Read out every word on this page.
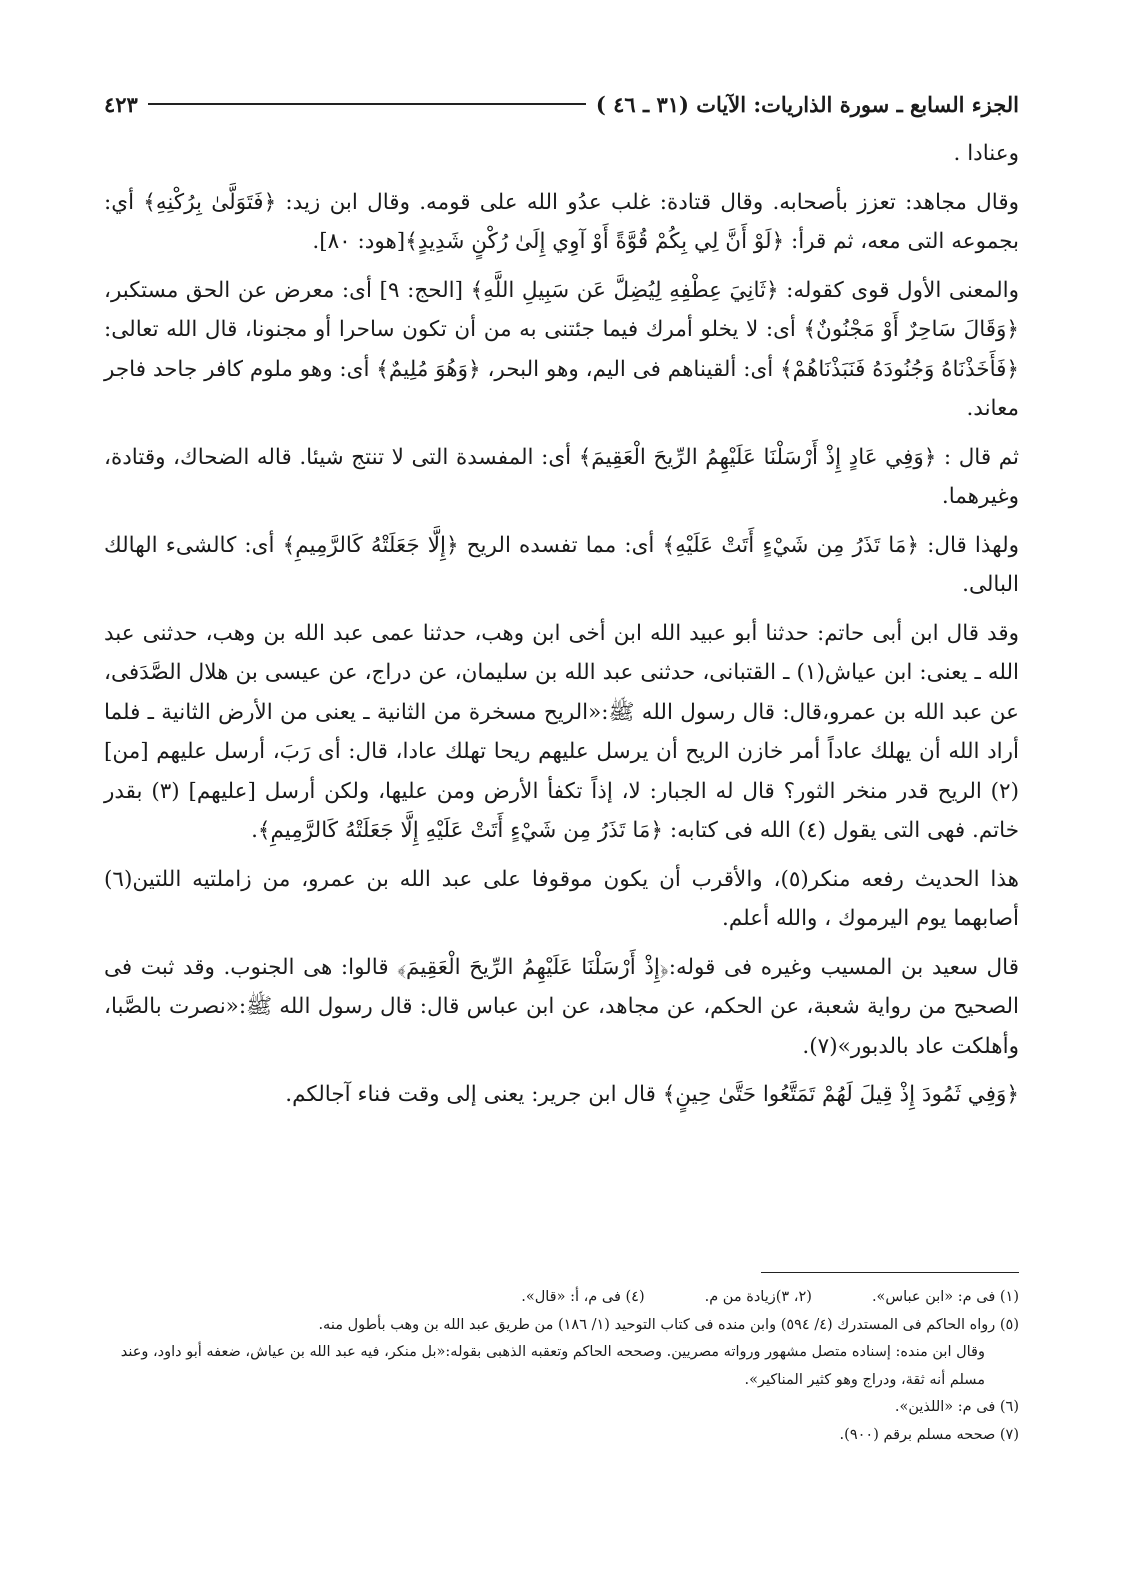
الجزء السابع ـ سورة الذاريات: الآيات (٣١ ـ ٤٦ )
٤٢٣

وعنادا .

وقال مجاهد: تعزز بأصحابه. وقال قتادة: غلب عدُو الله على قومه. وقال ابن زيد: ﴿فَتَوَلَّىٰ بِرُكْنِهِ﴾ أي: بجموعه التى معه، ثم قرأ: ﴿لَوْ أَنَّ لِي بِكُمْ قُوَّةً أَوْ آوِي إِلَىٰ رُكْنٍ شَدِيدٍ﴾[هود: ٨٠].

والمعنى الأول قوى كقوله: ﴿ثَانِيَ عِطْفِهِ لِيُضِلَّ عَن سَبِيلِ اللَّهِ﴾ [الحج: ٩] أى: معرض عن الحق مستكبر، ﴿وَقَالَ سَاحِرٌ أَوْ مَجْنُونٌ﴾ أى: لا يخلو أمرك فيما جئتنى به من أن تكون ساحرا أو مجنونا، قال الله تعالى: ﴿فَأَخَذْنَاهُ وَجُنُودَهُ فَنَبَذْنَاهُمْ﴾ أى: ألقيناهم فى اليم، وهو البحر، ﴿وَهُوَ مُلِيمٌ﴾ أى: وهو ملوم كافر جاحد فاجر معاند.

ثم قال : ﴿وَفِي عَادٍ إِذْ أَرْسَلْنَا عَلَيْهِمُ الرِّيحَ الْعَقِيمَ﴾ أى: المفسدة التى لا تنتج شيئا. قاله الضحاك، وقتادة، وغيرهما.

ولهذا قال: ﴿مَا تَذَرُ مِن شَيْءٍ أَتَتْ عَلَيْهِ﴾ أى: مما تفسده الريح ﴿إِلَّا جَعَلَتْهُ كَالرَّمِيمِ﴾ أى: كالشىء الهالك البالى.

وقد قال ابن أبى حاتم: حدثنا أبو عبيد الله ابن أخى ابن وهب، حدثنا عمى عبد الله بن وهب، حدثنى عبد الله ـ يعنى: ابن عياش(١) ـ القتبانى، حدثنى عبد الله بن سليمان، عن دراج، عن عيسى بن هلال الصَّدَفى، عن عبد الله بن عمرو،قال: قال رسول الله ﷺ:«الريح مسخرة من الثانية ـ يعنى من الأرض الثانية ـ فلما أراد الله أن يهلك عاداً أمر خازن الريح أن يرسل عليهم ريحا تهلك عادا، قال: أى رَبَ، أرسل عليهم [من] (٢) الريح قدر منخر الثور؟ قال له الجبار: لا، إذاً تكفأ الأرض ومن عليها، ولكن أرسل [عليهم] (٣) بقدر خاتم. فهى التى يقول (٤) الله فى كتابه: ﴿مَا تَذَرُ مِن شَيْءٍ أَتَتْ عَلَيْهِ إِلَّا جَعَلَتْهُ كَالرَّمِيمِ﴾.

هذا الحديث رفعه منكر(٥)، والأقرب أن يكون موقوفا على عبد الله بن عمرو، من زاملتيه اللتين(٦) أصابهما يوم اليرموك ، والله أعلم.

قال سعيد بن المسيب وغيره فى قوله:﴿إِذْ أَرْسَلْنَا عَلَيْهِمُ الرِّيحَ الْعَقِيمَ﴾ قالوا: هى الجنوب. وقد ثبت فى الصحيح من رواية شعبة، عن الحكم، عن مجاهد، عن ابن عباس قال: قال رسول الله ﷺ:«نصرت بالصَّبا، وأهلكت عاد بالدبور»(٧).

﴿وَفِي ثَمُودَ إِذْ قِيلَ لَهُمْ تَمَتَّعُوا حَتَّىٰ حِينٍ﴾ قال ابن جرير: يعنى إلى وقت فناء آجالكم.

(١) فى م: «ابن عباس».
(٢، ٣)زيادة من م.
(٤) فى م، أ: «قال».

(٥) رواه الحاكم فى المستدرك (٤/ ٥٩٤) وابن منده فى كتاب التوحيد (١/ ١٨٦) من طريق عبد الله بن وهب بأطول منه.

وقال ابن منده: إسناده متصل مشهور ورواته مصريين. وصححه الحاكم وتعقبه الذهبى بقوله:«بل منكر، فيه عبد الله بن عياش، ضعفه أبو داود، وعند مسلم أنه ثقة، ودراج وهو كثير المناكير».

(٦) فى م: «اللذين».

(٧) صححه مسلم برقم (٩٠٠).
